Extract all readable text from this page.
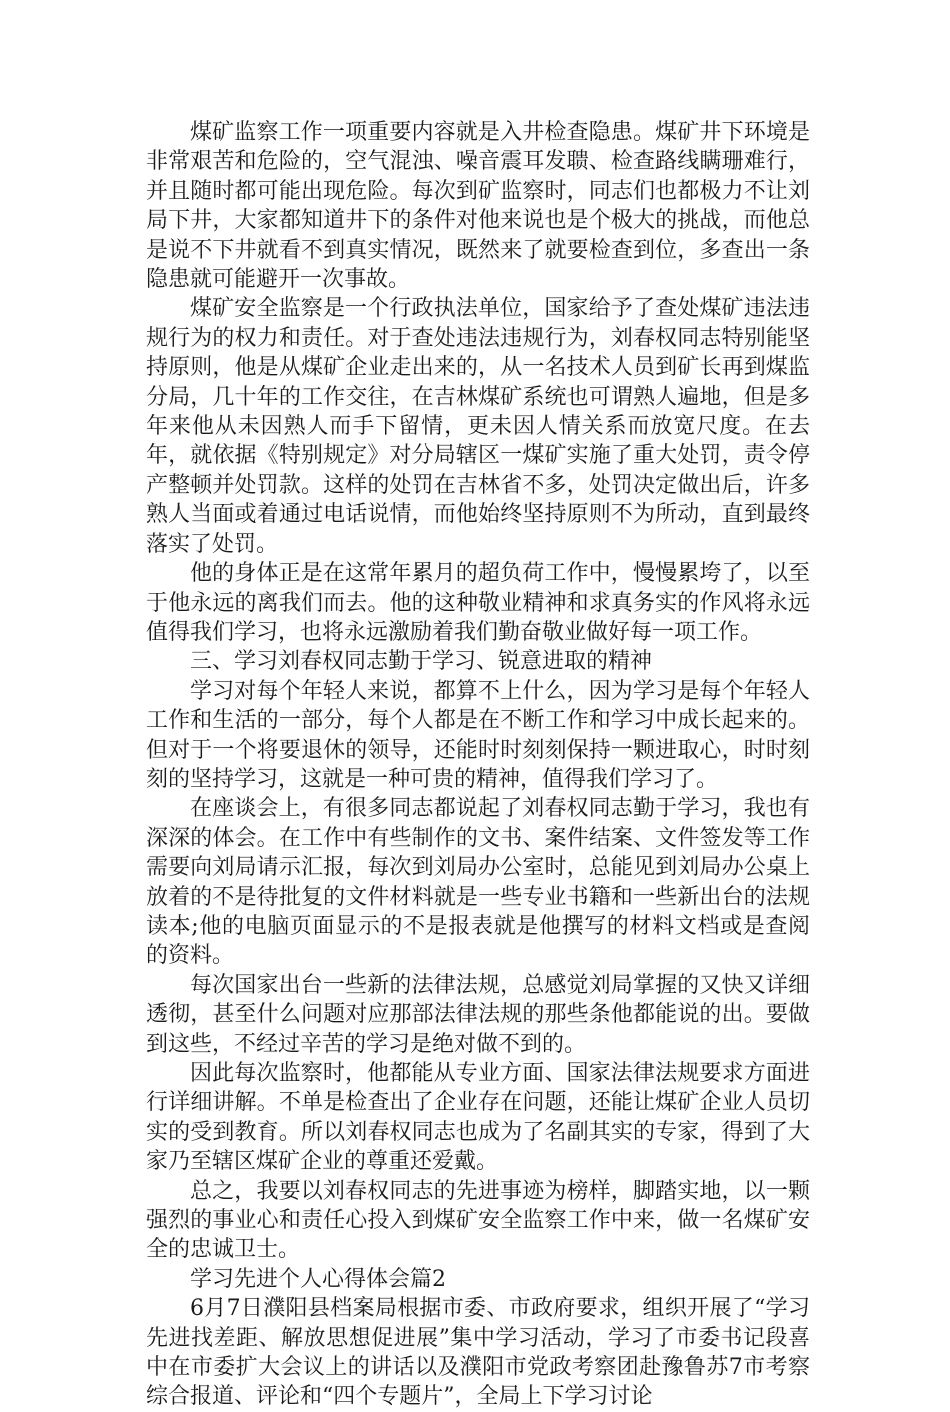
煤矿监察工作一项重要内容就是入井检查隐患。煤矿井下环境是非常艰苦和危险的，空气混浊、噪音震耳发聩、检查路线瞒珊难行，并且随时都可能出现危险。每次到矿监察时，同志们也都极力不让刘局下井，大家都知道井下的条件对他来说也是个极大的挑战，而他总是说不下井就看不到真实情况，既然来了就要检查到位，多查出一条隐患就可能避开一次事故。

煤矿安全监察是一个行政执法单位，国家给予了查处煤矿违法违规行为的权力和责任。对于查处违法违规行为，刘春权同志特别能坚持原则，他是从煤矿企业走出来的，从一名技术人员到矿长再到煤监分局，几十年的工作交往，在吉林煤矿系统也可谓熟人遍地，但是多年来他从未因熟人而手下留情，更未因人情关系而放宽尺度。在去年，就依据《特别规定》对分局辖区一煤矿实施了重大处罚，责令停产整顿并处罚款。这样的处罚在吉林省不多，处罚决定做出后，许多熟人当面或着通过电话说情，而他始终坚持原则不为所动，直到最终落实了处罚。

他的身体正是在这常年累月的超负荷工作中，慢慢累垮了，以至于他永远的离我们而去。他的这种敬业精神和求真务实的作风将永远值得我们学习，也将永远激励着我们勤奋敬业做好每一项工作。

三、学习刘春权同志勤于学习、锐意进取的精神

学习对每个年轻人来说，都算不上什么，因为学习是每个年轻人工作和生活的一部分，每个人都是在不断工作和学习中成长起来的。但对于一个将要退休的领导，还能时时刻刻保持一颗进取心，时时刻刻的坚持学习，这就是一种可贵的精神，值得我们学习了。

在座谈会上，有很多同志都说起了刘春权同志勤于学习，我也有深深的体会。在工作中有些制作的文书、案件结案、文件签发等工作需要向刘局请示汇报，每次到刘局办公室时，总能见到刘局办公桌上放着的不是待批复的文件材料就是一些专业书籍和一些新出台的法规读本;他的电脑页面显示的不是报表就是他撰写的材料文档或是查阅的资料。

每次国家出台一些新的法律法规，总感觉刘局掌握的又快又详细透彻，甚至什么问题对应那部法律法规的那些条他都能说的出。要做到这些，不经过辛苦的学习是绝对做不到的。

因此每次监察时，他都能从专业方面、国家法律法规要求方面进行详细讲解。不单是检查出了企业存在问题，还能让煤矿企业人员切实的受到教育。所以刘春权同志也成为了名副其实的专家，得到了大家乃至辖区煤矿企业的尊重还爱戴。

总之，我要以刘春权同志的先进事迹为榜样，脚踏实地，以一颗强烈的事业心和责任心投入到煤矿安全监察工作中来，做一名煤矿安全的忠诚卫士。

学习先进个人心得体会篇2

6月7日濮阳县档案局根据市委、市政府要求，组织开展了“学习先进找差距、解放思想促进展”集中学习活动，学习了市委书记段喜中在市委扩大会议上的讲话以及濮阳市党政考察团赴豫鲁苏7市考察综合报道、评论和“四个专题片”，全局上下学习讨论
